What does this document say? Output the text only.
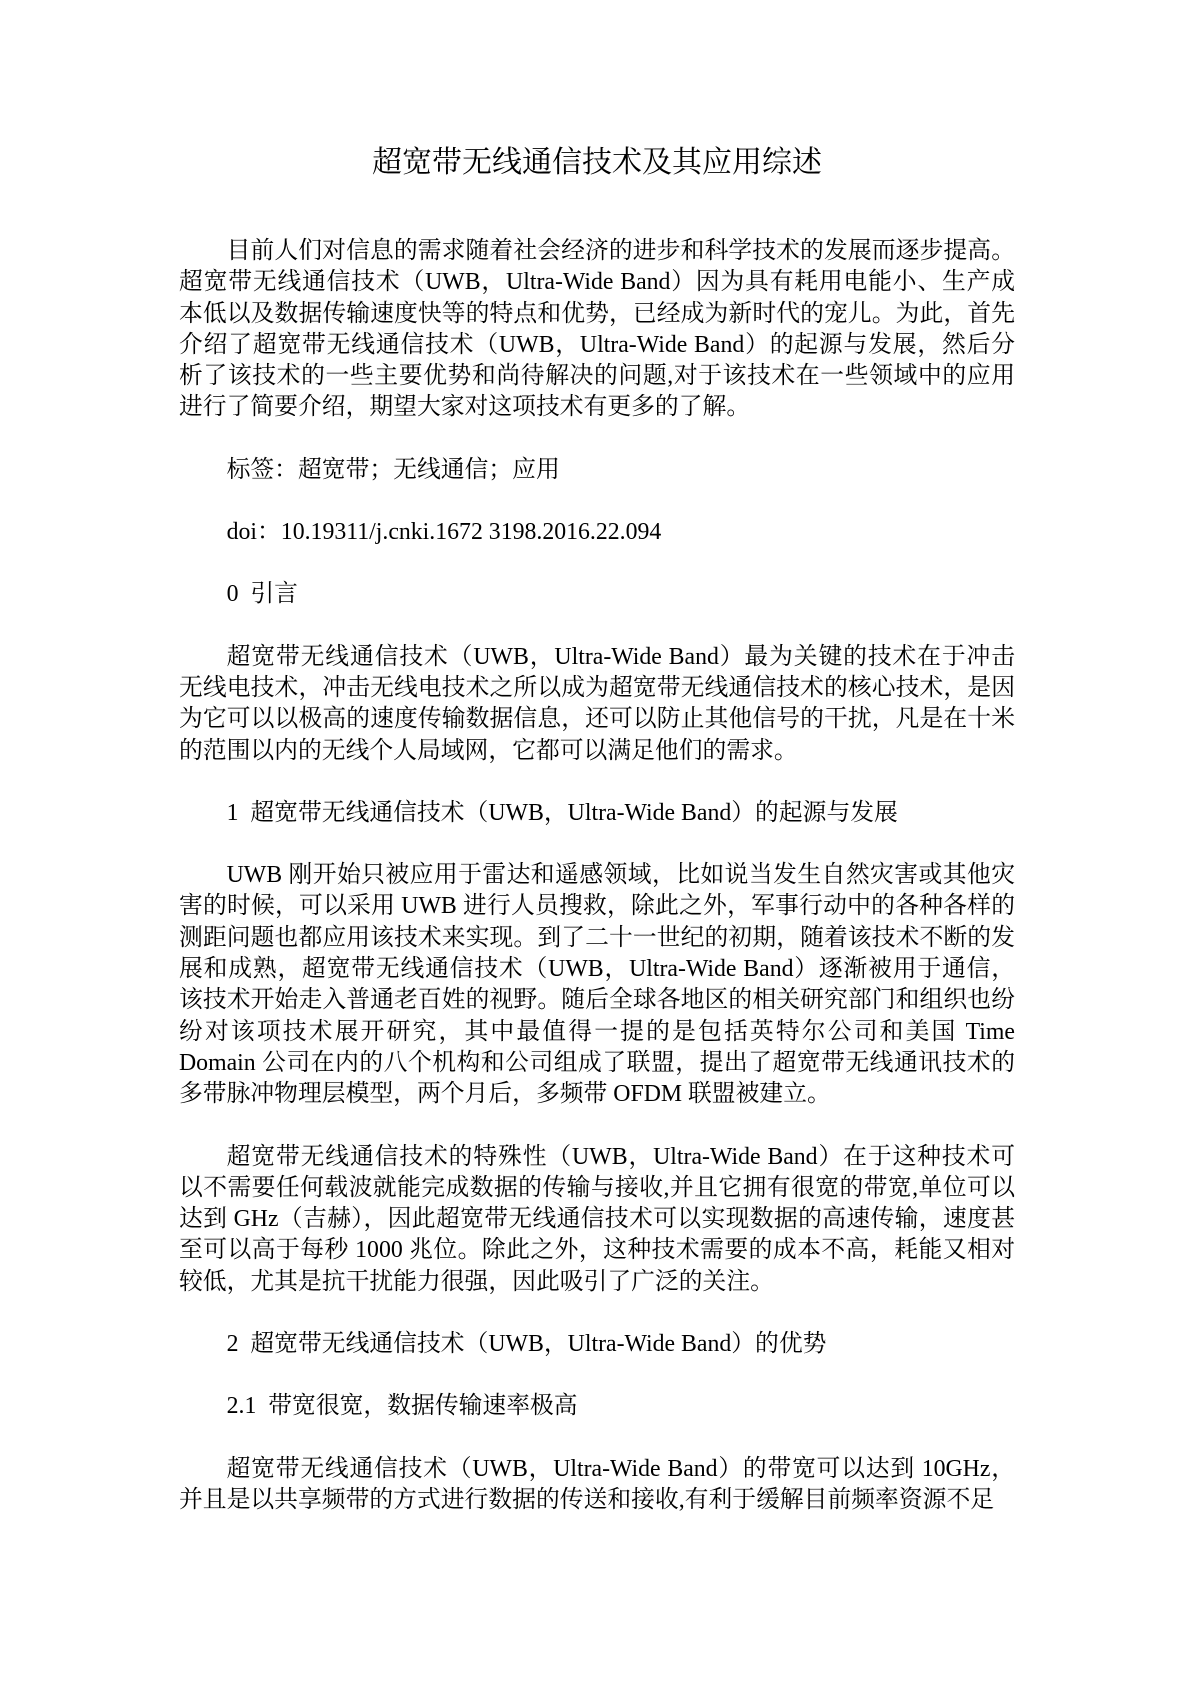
超宽带无线通信技术及其应用综述

目前人们对信息的需求随着社会经济的进步和科学技术的发展而逐步提高。超宽带无线通信技术（UWB，Ultra-Wide Band）因为具有耗用电能小、生产成本低以及数据传输速度快等的特点和优势，已经成为新时代的宠儿。为此，首先介绍了超宽带无线通信技术（UWB，Ultra-Wide Band）的起源与发展，然后分析了该技术的一些主要优势和尚待解决的问题,对于该技术在一些领域中的应用进行了简要介绍，期望大家对这项技术有更多的了解。

标签：超宽带；无线通信；应用

doi：10.19311/j.cnki.1672 3198.2016.22.094

0  引言

超宽带无线通信技术（UWB，Ultra-Wide Band）最为关键的技术在于冲击无线电技术，冲击无线电技术之所以成为超宽带无线通信技术的核心技术，是因为它可以以极高的速度传输数据信息，还可以防止其他信号的干扰，凡是在十米的范围以内的无线个人局域网，它都可以满足他们的需求。

1  超宽带无线通信技术（UWB，Ultra-Wide Band）的起源与发展

UWB 刚开始只被应用于雷达和遥感领域，比如说当发生自然灾害或其他灾害的时候，可以采用 UWB 进行人员搜救，除此之外，军事行动中的各种各样的测距问题也都应用该技术来实现。到了二十一世纪的初期，随着该技术不断的发展和成熟，超宽带无线通信技术（UWB，Ultra-Wide Band）逐渐被用于通信，该技术开始走入普通老百姓的视野。随后全球各地区的相关研究部门和组织也纷纷对该项技术展开研究，其中最值得一提的是包括英特尔公司和美国 Time Domain 公司在内的八个机构和公司组成了联盟，提出了超宽带无线通讯技术的多带脉冲物理层模型，两个月后，多频带 OFDM 联盟被建立。

超宽带无线通信技术的特殊性（UWB，Ultra-Wide Band）在于这种技术可以不需要任何载波就能完成数据的传输与接收,并且它拥有很宽的带宽,单位可以达到 GHz（吉赫），因此超宽带无线通信技术可以实现数据的高速传输，速度甚至可以高于每秒 1000 兆位。除此之外，这种技术需要的成本不高，耗能又相对较低，尤其是抗干扰能力很强，因此吸引了广泛的关注。

2  超宽带无线通信技术（UWB，Ultra-Wide Band）的优势
2.1  带宽很宽，数据传输速率极高

超宽带无线通信技术（UWB，Ultra-Wide Band）的带宽可以达到 10GHz，并且是以共享频带的方式进行数据的传送和接收,有利于缓解目前频率资源不足
